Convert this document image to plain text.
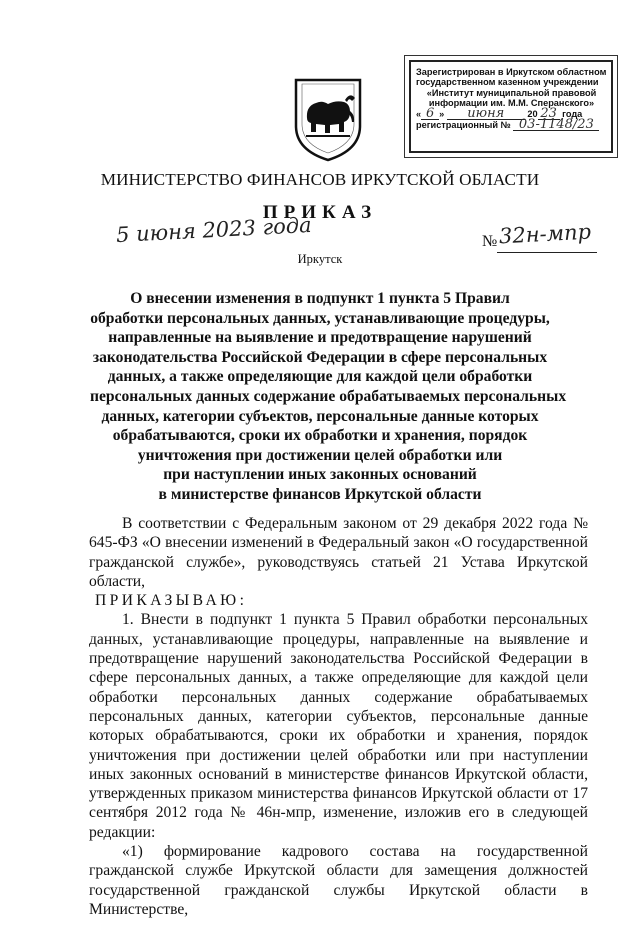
Зарегистрирован в Иркутском областном
государственном казенном учреждении
«Институт муниципальной правовой
информации им. М.М. Сперанского»
« 6 » июня	20 23 года
регистрационный № 03-1148/23
МИНИСТЕРСТВО ФИНАНСОВ ИРКУТСКОЙ ОБЛАСТИ
ПРИКАЗ
5 июня 2023 года	№ 32н-мпр
Иркутск
О внесении изменения в подпункт 1 пункта 5 Правил
обработки персональных данных, устанавливающие процедуры,
направленные на выявление и предотвращение нарушений
законодательства Российской Федерации в сфере персональных
данных, а также определяющие для каждой цели обработки
персональных данных содержание обрабатываемых персональных
данных, категории субъектов, персональные данные которых
обрабатываются, сроки их обработки и хранения, порядок
уничтожения при достижении целей обработки или
при наступлении иных законных оснований
в министерстве финансов Иркутской области

В соответствии с Федеральным законом от 29 декабря 2022 года № 645-ФЗ «О внесении изменений в Федеральный закон «О государственной гражданской службе», руководствуясь статьей 21 Устава Иркутской области,

ПРИКАЗЫВАЮ:

1. Внести в подпункт 1 пункта 5 Правил обработки персональных данных, устанавливающие процедуры, направленные на выявление и предотвращение нарушений законодательства Российской Федерации в сфере персональных данных, а также определяющие для каждой цели обработки персональных данных содержание обрабатываемых персональных данных, категории субъектов, персональные данные которых обрабатываются, сроки их обработки и хранения, порядок уничтожения при достижении целей обработки или при наступлении иных законных оснований в министерстве финансов Иркутской области, утвержденных приказом министерства финансов Иркутской области от 17 сентября 2012 года № 46н-мпр, изменение, изложив его в следующей редакции:

«1) формирование кадрового состава на государственной гражданской службе Иркутской области для замещения должностей государственной гражданской службы Иркутской области в Министерстве,
